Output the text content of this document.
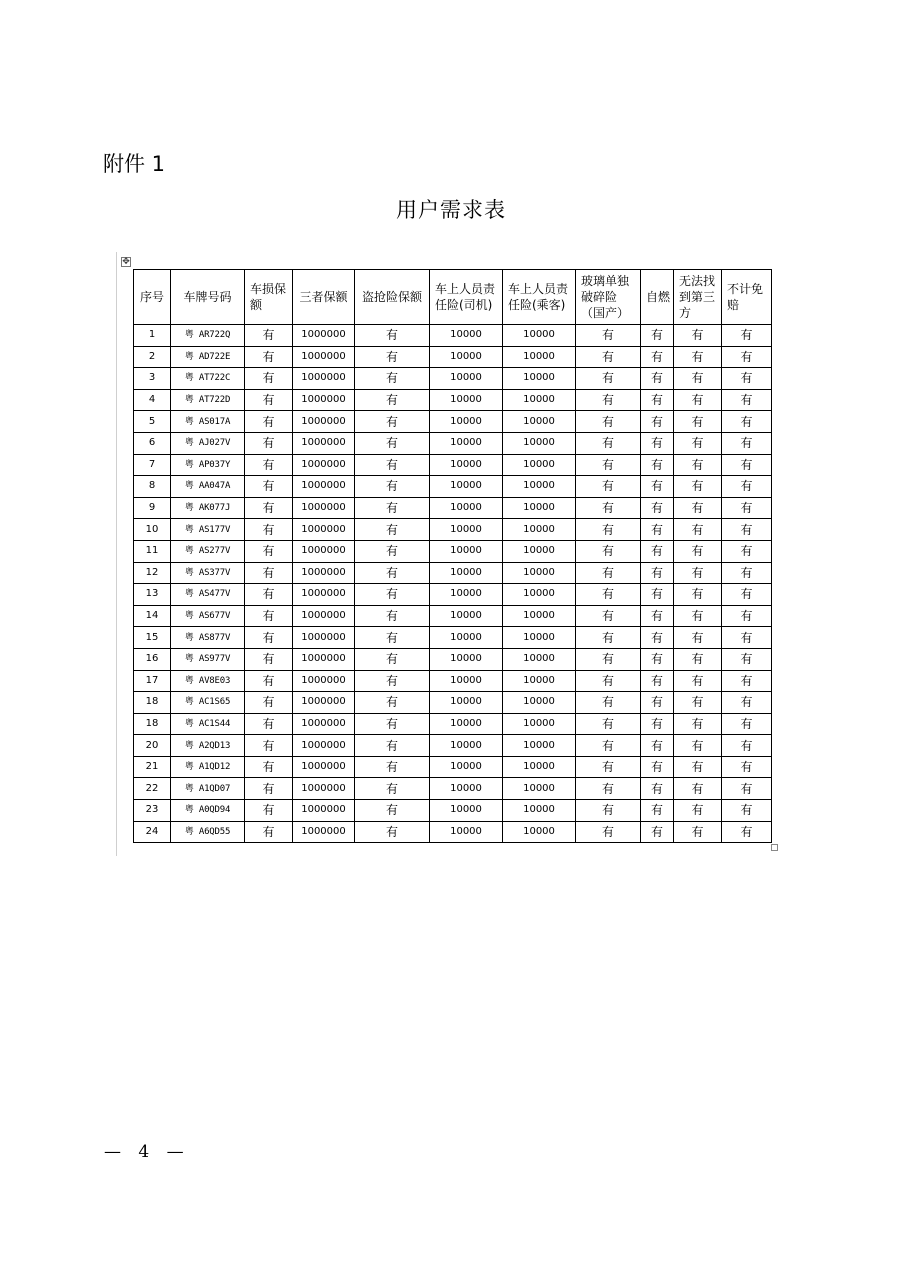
附件 1
用户需求表
✥
序号	车牌号码	车损保额	三者保额	盗抢险保额	车上人员责任险(司机)	车上人员责任险(乘客)	玻璃单独破碎险（国产）	自燃	无法找到第三方	不计免赔
1	粤 AR722Q	有	1000000	有	10000	10000	有	有	有	有
2	粤 AD722E	有	1000000	有	10000	10000	有	有	有	有
3	粤 AT722C	有	1000000	有	10000	10000	有	有	有	有
4	粤 AT722D	有	1000000	有	10000	10000	有	有	有	有
5	粤 AS017A	有	1000000	有	10000	10000	有	有	有	有
6	粤 AJ027V	有	1000000	有	10000	10000	有	有	有	有
7	粤 AP037Y	有	1000000	有	10000	10000	有	有	有	有
8	粤 AA047A	有	1000000	有	10000	10000	有	有	有	有
9	粤 AK077J	有	1000000	有	10000	10000	有	有	有	有
10	粤 AS177V	有	1000000	有	10000	10000	有	有	有	有
11	粤 AS277V	有	1000000	有	10000	10000	有	有	有	有
12	粤 AS377V	有	1000000	有	10000	10000	有	有	有	有
13	粤 AS477V	有	1000000	有	10000	10000	有	有	有	有
14	粤 AS677V	有	1000000	有	10000	10000	有	有	有	有
15	粤 AS877V	有	1000000	有	10000	10000	有	有	有	有
16	粤 AS977V	有	1000000	有	10000	10000	有	有	有	有
17	粤 AV8E03	有	1000000	有	10000	10000	有	有	有	有
18	粤 AC1S65	有	1000000	有	10000	10000	有	有	有	有
18	粤 AC1S44	有	1000000	有	10000	10000	有	有	有	有
20	粤 A2QD13	有	1000000	有	10000	10000	有	有	有	有
21	粤 A1QD12	有	1000000	有	10000	10000	有	有	有	有
22	粤 A1QD07	有	1000000	有	10000	10000	有	有	有	有
23	粤 A0QD94	有	1000000	有	10000	10000	有	有	有	有
24	粤 A6QD55	有	1000000	有	10000	10000	有	有	有	有
— 4 —
